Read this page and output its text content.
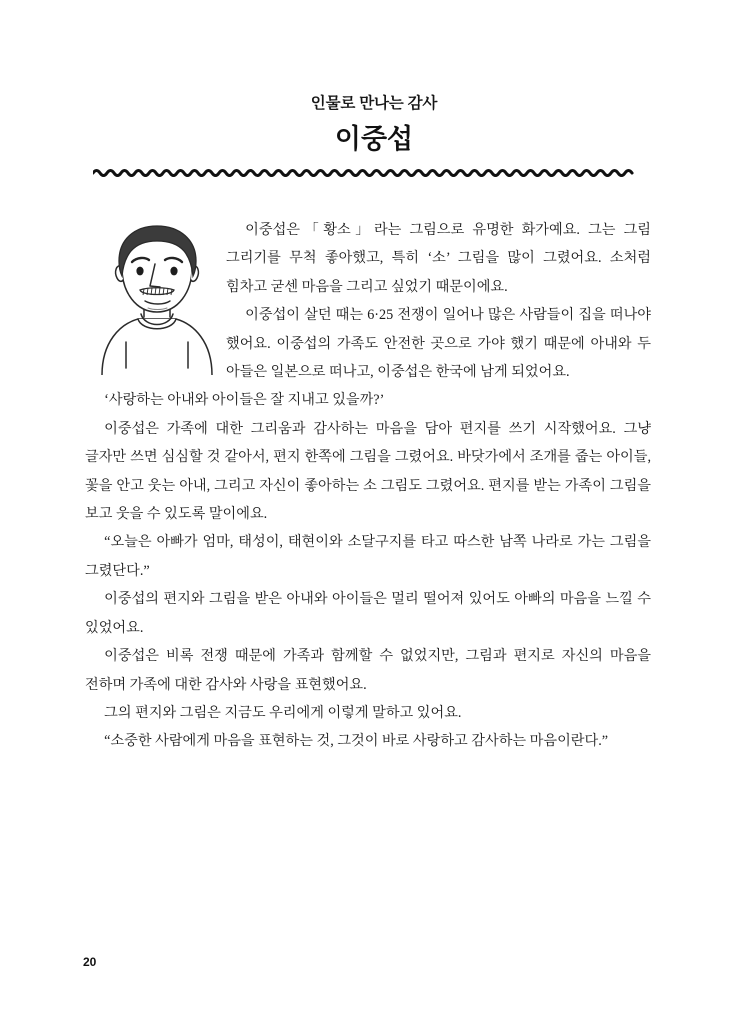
인물로 만나는 감사
이중섭

이중섭은「황소」라는 그림으로 유명한 화가예요. 그는 그림 그리기를 무척 좋아했고, 특히 ‘소’ 그림을 많이 그렸어요. 소처럼 힘차고 굳센 마음을 그리고 싶었기 때문이에요.

이중섭이 살던 때는 6·25 전쟁이 일어나 많은 사람들이 집을 떠나야 했어요. 이중섭의 가족도 안전한 곳으로 가야 했기 때문에 아내와 두 아들은 일본으로 떠나고, 이중섭은 한국에 남게 되었어요.

‘사랑하는 아내와 아이들은 잘 지내고 있을까?’

이중섭은 가족에 대한 그리움과 감사하는 마음을 담아 편지를 쓰기 시작했어요. 그냥 글자만 쓰면 심심할 것 같아서, 편지 한쪽에 그림을 그렸어요. 바닷가에서 조개를 줍는 아이들, 꽃을 안고 웃는 아내, 그리고 자신이 좋아하는 소 그림도 그렸어요. 편지를 받는 가족이 그림을 보고 웃을 수 있도록 말이에요.

“오늘은 아빠가 엄마, 태성이, 태현이와 소달구지를 타고 따스한 남쪽 나라로 가는 그림을 그렸단다.”

이중섭의 편지와 그림을 받은 아내와 아이들은 멀리 떨어져 있어도 아빠의 마음을 느낄 수 있었어요.

이중섭은 비록 전쟁 때문에 가족과 함께할 수 없었지만, 그림과 편지로 자신의 마음을 전하며 가족에 대한 감사와 사랑을 표현했어요.

그의 편지와 그림은 지금도 우리에게 이렇게 말하고 있어요.

“소중한 사람에게 마음을 표현하는 것, 그것이 바로 사랑하고 감사하는 마음이란다.”

20
